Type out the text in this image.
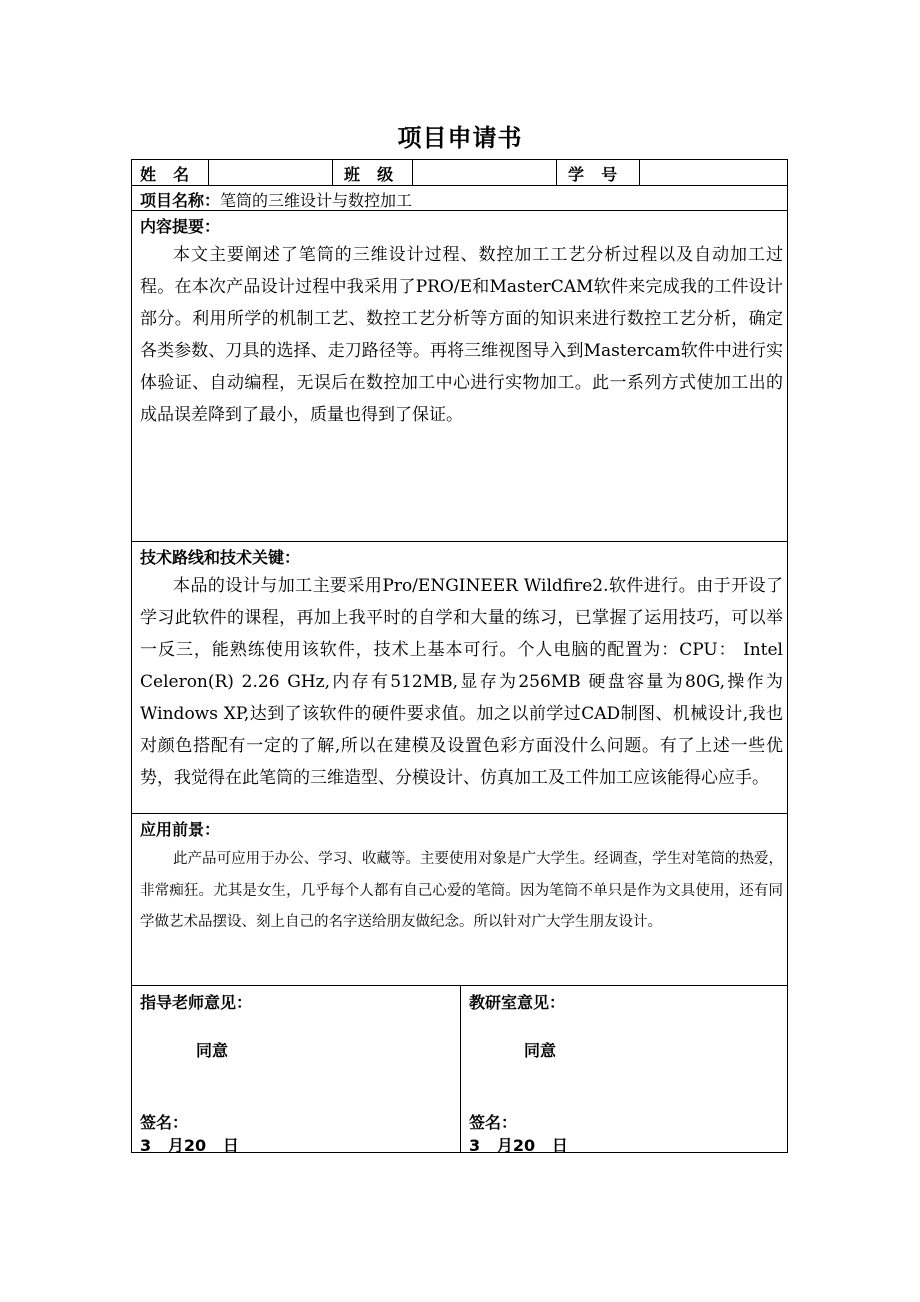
项目申请书
姓  名	班  级	学  号
项目名称：笔筒的三维设计与数控加工
内容提要：
本文主要阐述了笔筒的三维设计过程、数控加工工艺分析过程以及自动加工过程。在本次产品设计过程中我采用了PRO/E和MasterCAM软件来完成我的工件设计部分。利用所学的机制工艺、数控工艺分析等方面的知识来进行数控工艺分析，确定各类参数、刀具的选择、走刀路径等。再将三维视图导入到Mastercam软件中进行实体验证、自动编程，无误后在数控加工中心进行实物加工。此一系列方式使加工出的成品误差降到了最小，质量也得到了保证。
技术路线和技术关键：
本品的设计与加工主要采用Pro/ENGINEER Wildfire2.软件进行。由于开设了学习此软件的课程，再加上我平时的自学和大量的练习，已掌握了运用技巧，可以举一反三，能熟练使用该软件，技术上基本可行。个人电脑的配置为：CPU： Intel Celeron(R) 2.26 GHz,内存有512MB,显存为256MB 硬盘容量为80G,操作为Windows XP,达到了该软件的硬件要求值。加之以前学过CAD制图、机械设计,我也对颜色搭配有一定的了解,所以在建模及设置色彩方面没什么问题。有了上述一些优势，我觉得在此笔筒的三维造型、分模设计、仿真加工及工件加工应该能得心应手。
应用前景：
此产品可应用于办公、学习、收藏等。主要使用对象是广大学生。经调查，学生对笔筒的热爱，非常痴狂。尤其是女生，几乎每个人都有自己心爱的笔筒。因为笔筒不单只是作为文具使用，还有同学做艺术品摆设、刻上自己的名字送给朋友做纪念。所以针对广大学生朋友设计。
指导老师意见：
同意
签名：
3   月20   日
教研室意见：
同意
签名：
3   月20   日
